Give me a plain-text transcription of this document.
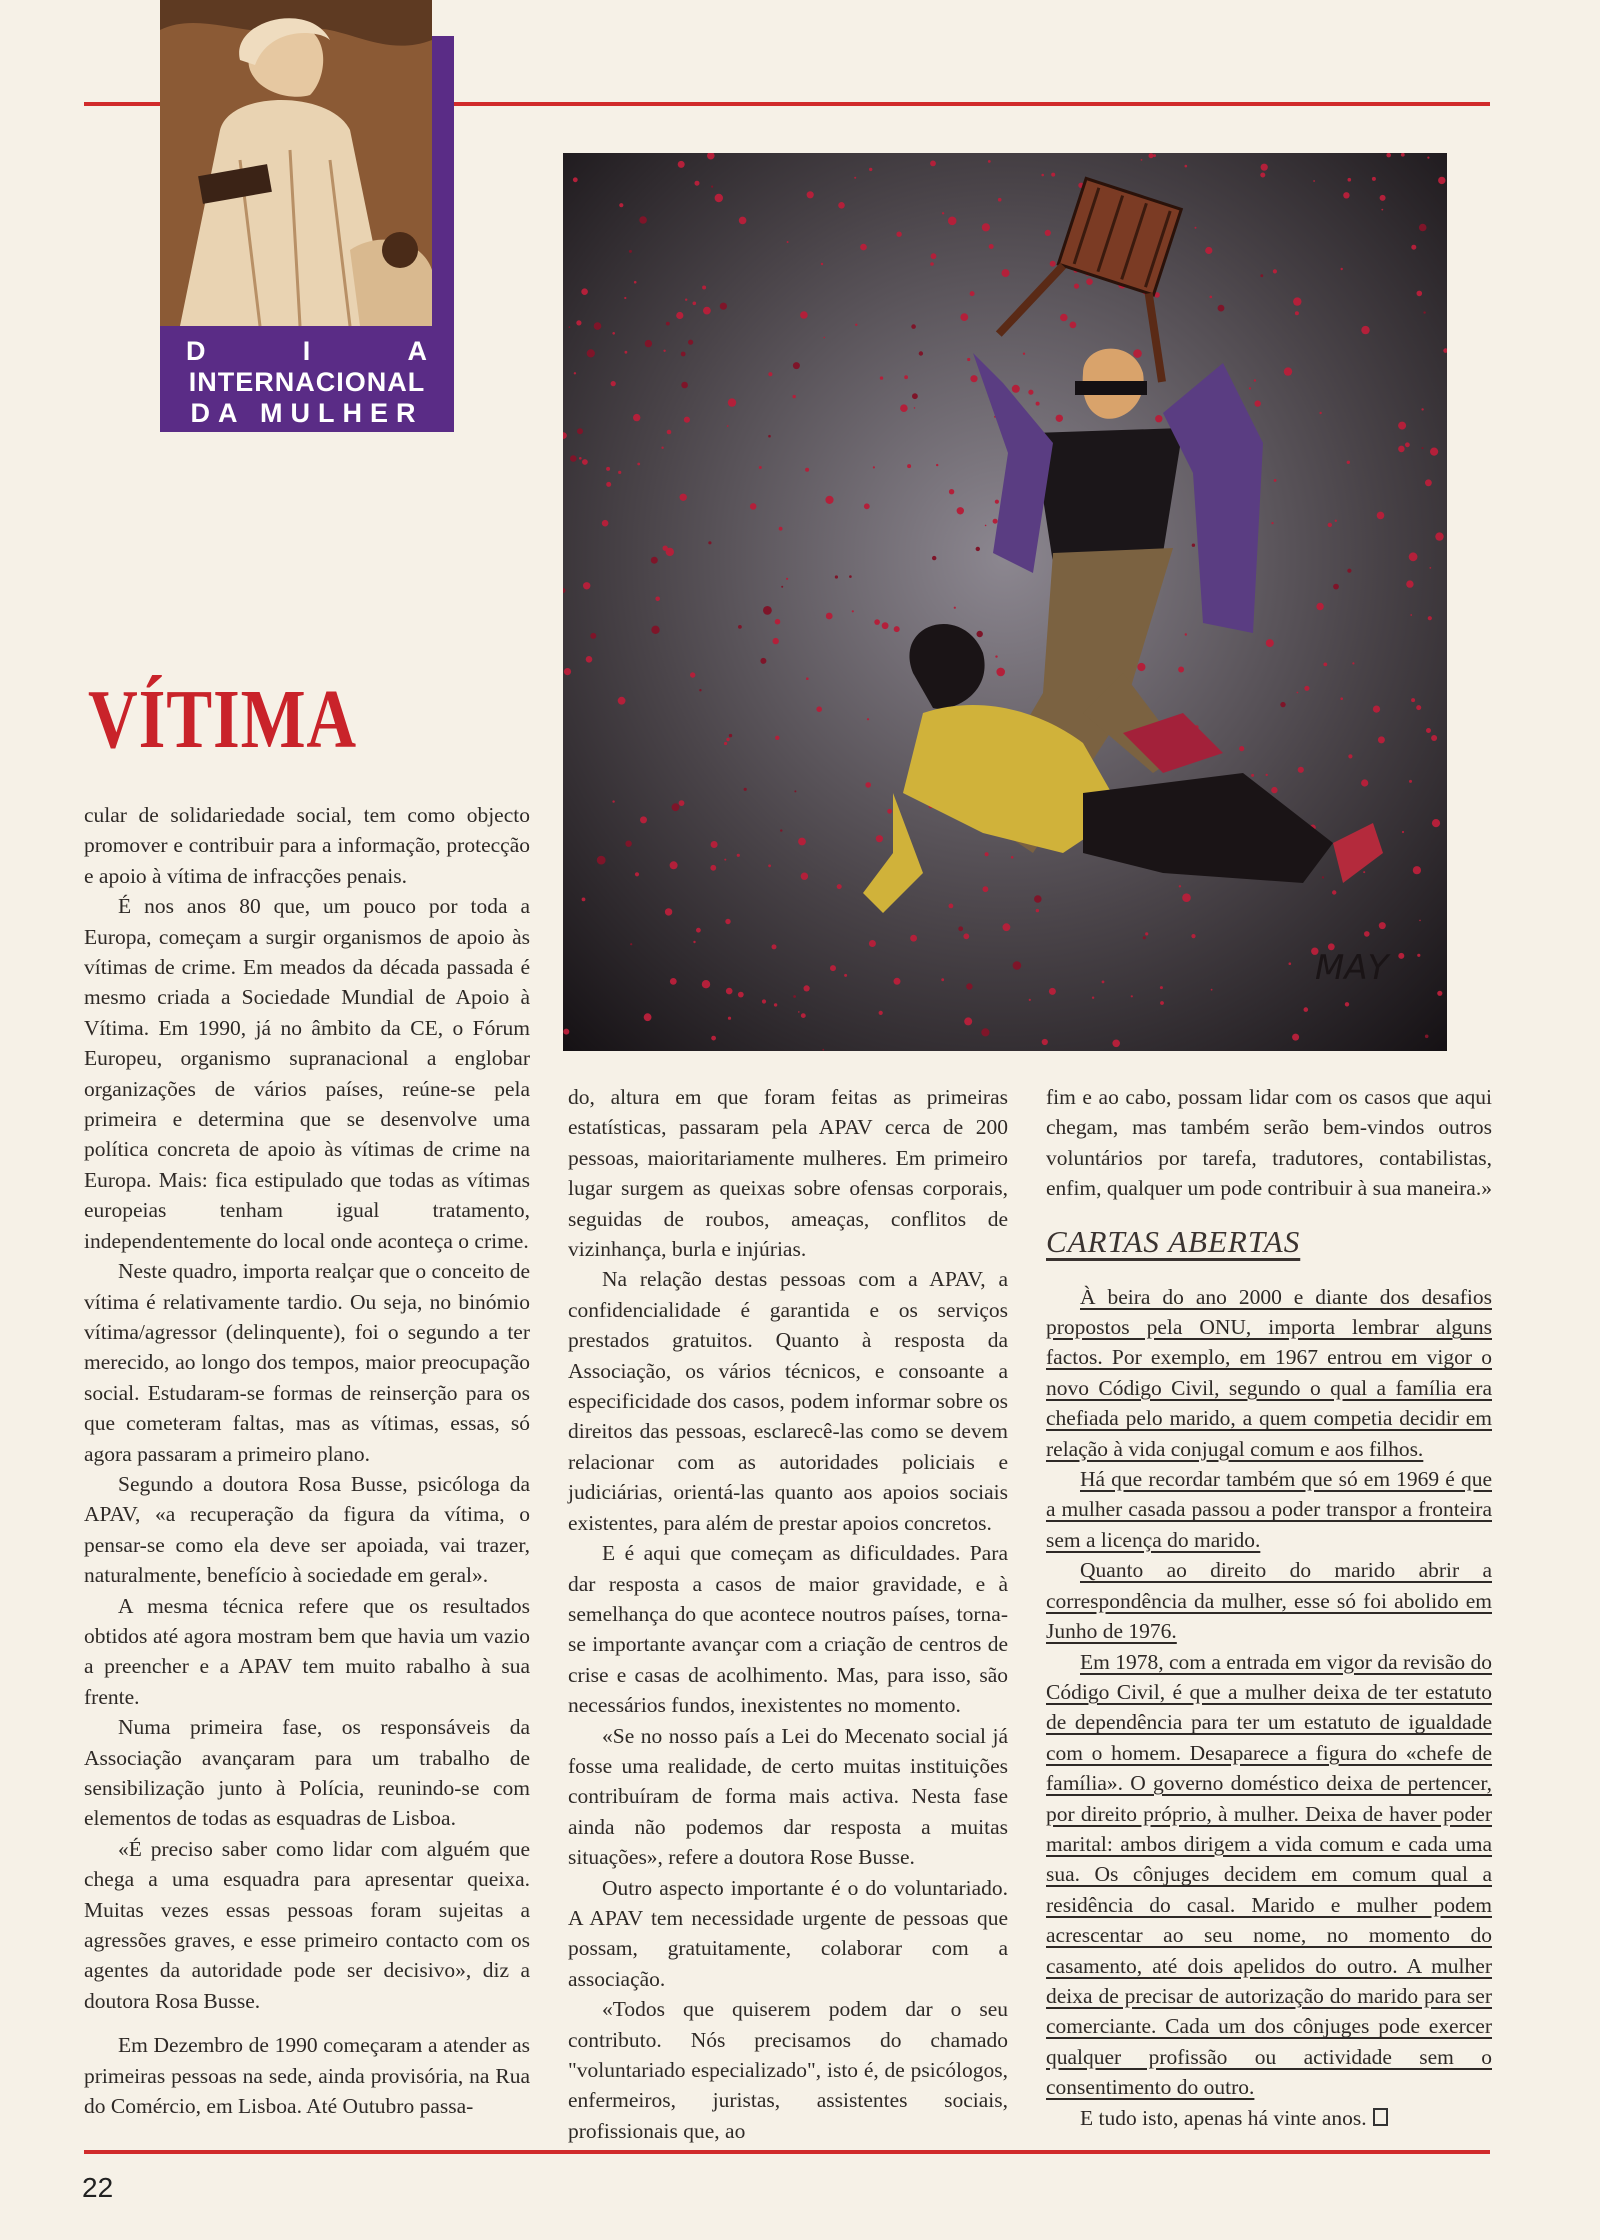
D	I	A
INTERNACIONAL
DA MULHER
MAY
VÍTIMA

cular de solidariedade social, tem como objecto promover e contribuir para a informação, protecção e apoio à vítima de infracções penais.

É nos anos 80 que, um pouco por toda a Europa, começam a surgir organismos de apoio às vítimas de crime. Em meados da década passada é mesmo criada a Sociedade Mundial de Apoio à Vítima. Em 1990, já no âmbito da CE, o Fórum Europeu, organismo supranacional a englobar organizações de vários países, reúne-se pela primeira e determina que se desenvolve uma política concreta de apoio às vítimas de crime na Europa. Mais: fica estipulado que todas as vítimas europeias tenham igual tratamento, independentemente do local onde aconteça o crime.

Neste quadro, importa realçar que o conceito de vítima é relativamente tardio. Ou seja, no binómio vítima/agressor (delinquente), foi o segundo a ter merecido, ao longo dos tempos, maior preocupação social. Estudaram-se formas de reinserção para os que cometeram faltas, mas as vítimas, essas, só agora passaram a primeiro plano.

Segundo a doutora Rosa Busse, psicóloga da APAV, «a recuperação da figura da vítima, o pensar-se como ela deve ser apoiada, vai trazer, naturalmente, benefício à sociedade em geral».

A mesma técnica refere que os resultados obtidos até agora mostram bem que havia um vazio a preencher e a APAV tem muito rabalho à sua frente.

Numa primeira fase, os responsáveis da Associação avançaram para um trabalho de sensibilização junto à Polícia, reunindo-se com elementos de todas as esquadras de Lisboa.

«É preciso saber como lidar com alguém que chega a uma esquadra para apresentar queixa. Muitas vezes essas pessoas foram sujeitas a agressões graves, e esse primeiro contacto com os agentes da autoridade pode ser decisivo», diz a doutora Rosa Busse.

Em Dezembro de 1990 começaram a atender as primeiras pessoas na sede, ainda provisória, na Rua do Comércio, em Lisboa. Até Outubro passa-

do, altura em que foram feitas as primeiras estatísticas, passaram pela APAV cerca de 200 pessoas, maioritariamente mulheres. Em primeiro lugar surgem as queixas sobre ofensas corporais, seguidas de roubos, ameaças, conflitos de vizinhança, burla e injúrias.

Na relação destas pessoas com a APAV, a confidencialidade é garantida e os serviços prestados gratuitos. Quanto à resposta da Associação, os vários técnicos, e consoante a especificidade dos casos, podem informar sobre os direitos das pessoas, esclarecê-las como se devem relacionar com as autoridades policiais e judiciárias, orientá-las quanto aos apoios sociais existentes, para além de prestar apoios concretos.

E é aqui que começam as dificuldades. Para dar resposta a casos de maior gravidade, e à semelhança do que acontece noutros países, torna-se importante avançar com a criação de centros de crise e casas de acolhimento. Mas, para isso, são necessários fundos, inexistentes no momento.

«Se no nosso país a Lei do Mecenato social já fosse uma realidade, de certo muitas instituições contribuíram de forma mais activa. Nesta fase ainda não podemos dar resposta a muitas situações», refere a doutora Rose Busse.

Outro aspecto importante é o do voluntariado. A APAV tem necessidade urgente de pessoas que possam, gratuitamente, colaborar com a associação.

«Todos que quiserem podem dar o seu contributo. Nós precisamos do chamado "voluntariado especializado", isto é, de psicólogos, enfermeiros, juristas, assistentes sociais, profissionais que, ao

fim e ao cabo, possam lidar com os casos que aqui chegam, mas também serão bem-vindos outros voluntários por tarefa, tradutores, contabilistas, enfim, qualquer um pode contribuir à sua maneira.»

CARTAS ABERTAS

À beira do ano 2000 e diante dos desafios propostos pela ONU, importa lembrar alguns factos. Por exemplo, em 1967 entrou em vigor o novo Código Civil, segundo o qual a família era chefiada pelo marido, a quem competia decidir em relação à vida conjugal comum e aos filhos.

Há que recordar também que só em 1969 é que a mulher casada passou a poder transpor a fronteira sem a licença do marido.

Quanto ao direito do marido abrir a correspondência da mulher, esse só foi abolido em Junho de 1976.

Em 1978, com a entrada em vigor da revisão do Código Civil, é que a mulher deixa de ter estatuto de dependência para ter um estatuto de igualdade com o homem. Desaparece a figura do «chefe de família». O governo doméstico deixa de pertencer, por direito próprio, à mulher. Deixa de haver poder marital: ambos dirigem a vida comum e cada uma sua. Os cônjuges decidem em comum qual a residência do casal. Marido e mulher podem acrescentar ao seu nome, no momento do casamento, até dois apelidos do outro. A mulher deixa de precisar de autorização do marido para ser comerciante. Cada um dos cônjuges pode exercer qualquer profissão ou actividade sem o consentimento do outro.

E tudo isto, apenas há vinte anos.

22
